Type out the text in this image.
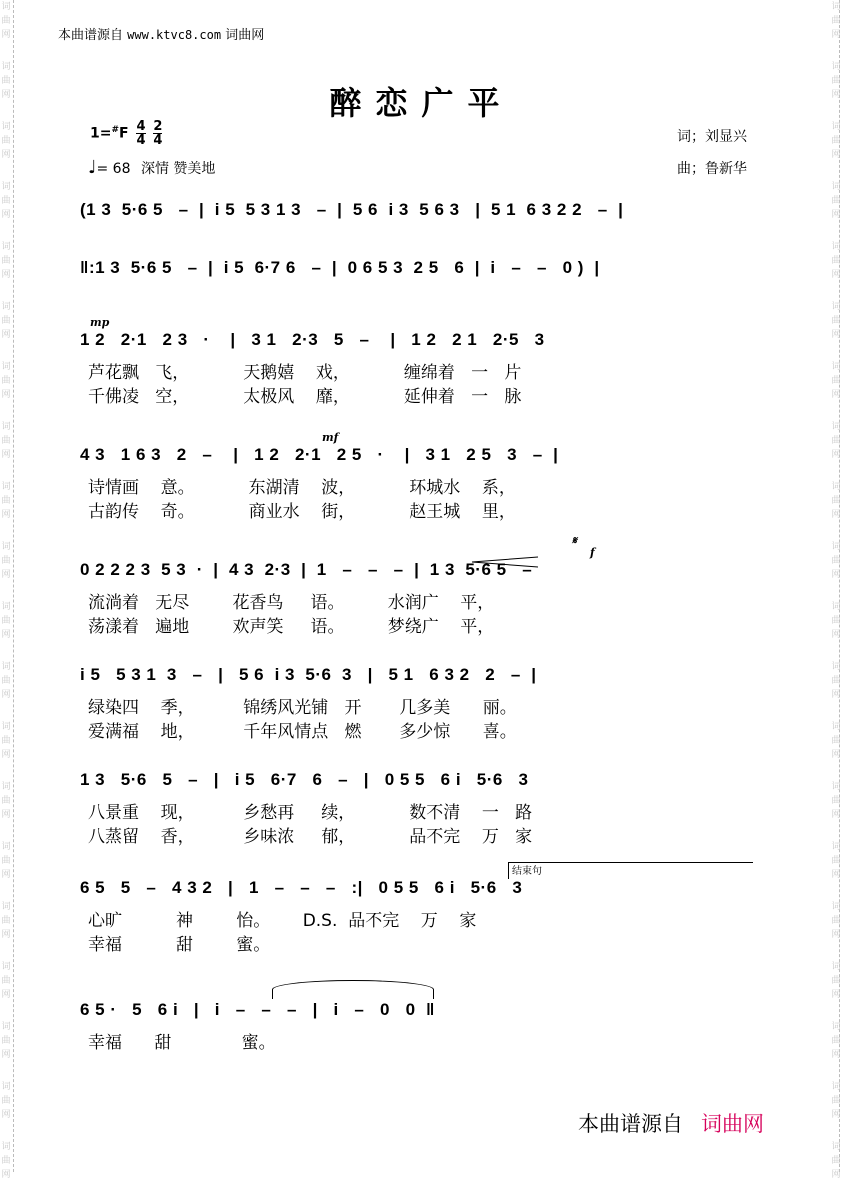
词
曲
网
词
曲
网
词
曲
网
词
曲
网
词
曲
网
词
曲
网
词
曲
网
词
曲
网
词
曲
网
词
曲
网
词
曲
网
词
曲
网
词
曲
网
词
曲
网
词
曲
网
词
曲
网
词
曲
网
词
曲
网
词
曲
网
词
曲
网
词
曲
网
词
曲
网
词
曲
网
词
曲
网
词
曲
网
词
曲
网
词
曲
网
词
曲
网
词
曲
网
词
曲
网
词
曲
网
词
曲
网
词
曲
网
词
曲
网
词
曲
网
词
曲
网
词
曲
网
词
曲
网
词
曲
网
词
曲
网
本曲谱源自 www.ktvc8.com 词曲网
醉恋广平
$1=^{\#}F \frac{4}{4}$
$\frac{2}{4}$
♩= 68 深情 赞美地
词；刘显兴
曲；鲁新华
(1 3  5·6 5   –  |  i 5  5 3 1 3   –  |  5 6  i 3  5 6 3   |  5 1  6 3 2 2   –  |
‖:1 3  5·6 5   –  |  i 5  6·7 6   –  |  0 6 5 3  2 5   6  |  i   –   –   0 )  |
1 2   2·1   2 3   ·    |   3 1   2·3   5   –    |   1 2   2 1   2·5   3
芦花飘   飞，          天鹅嬉    戏，          缠绵着   一   片
千佛凌   空，          太极风    靡，          延伸着   一   脉
4 3   1 6 3   2   –    |   1 2   2·1   2 5   ·    |   3 1   2 5   3   –  |
诗情画    意。          东湖清    波，          环城水    系，
古韵传    奇。          商业水    街，          赵王城    里，
0 2 2 2 3  5 3  ·  |  4 3  2·3  |  1   –   –   –  |  1 3  5·6 5   –
流淌着   无尽        花香鸟     语。        水润广    平，
荡漾着   遍地        欢声笑     语。        梦绕广    平，
i 5   5 3 1  3   –   |   5 6  i 3  5·6  3   |   5 1   6 3 2   2   –  |
绿染四    季，         锦绣风光铺   开       几多美      丽。
爱满福    地，         千年风情点   燃       多少惊      喜。
1 3   5·6   5   –   |   i 5   6·7   6   –   |   0 5 5   6 i   5·6   3
八景重    现，         乡愁再     续，          数不清    一   路
八蒸留    香，         乡味浓     郁，          品不完    万   家
6 5   5   –   4 3 2   |   1   –   –   –   :|   0 5 5   6 i   5·6   3
心旷          神        怡。      D.S.  品不完    万    家
幸福          甜        蜜。
6 5 ·   5   6 i   |   i   –   –   –   |   i   –   0   0  ‖
幸福      甜             蜜。
mp
mf
𝄋
f
结束句
本曲谱源自 词曲网
